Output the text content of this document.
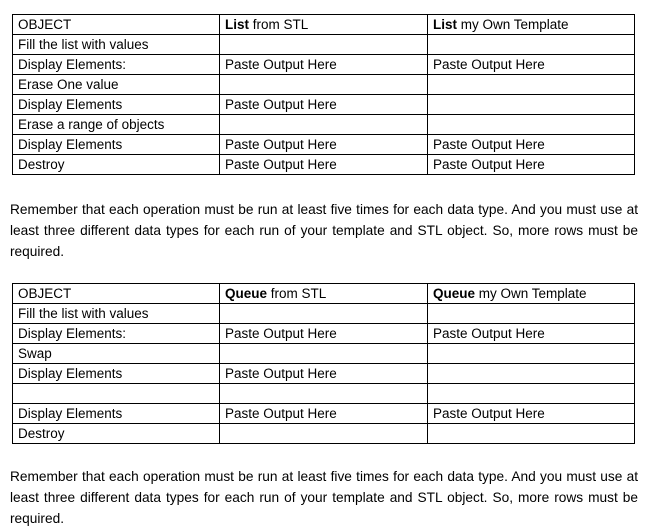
OBJECT	List from STL	List my Own Template
Fill the list with values		
Display Elements:	Paste Output Here	Paste Output Here
Erase One value		
Display Elements	Paste Output Here	
Erase a range of objects		
Display Elements	Paste Output Here	Paste Output Here
Destroy	Paste Output Here	Paste Output Here

Remember that each operation must be run at least five times for each data type. And you must use at least three different data types for each run of your template and STL object. So, more rows must be required.

OBJECT	Queue from STL	Queue my Own Template
Fill the list with values		
Display Elements:	Paste Output Here	Paste Output Here
Swap		
Display Elements	Paste Output Here	

Display Elements	Paste Output Here	Paste Output Here
Destroy		

Remember that each operation must be run at least five times for each data type. And you must use at least three different data types for each run of your template and STL object. So, more rows must be required.
